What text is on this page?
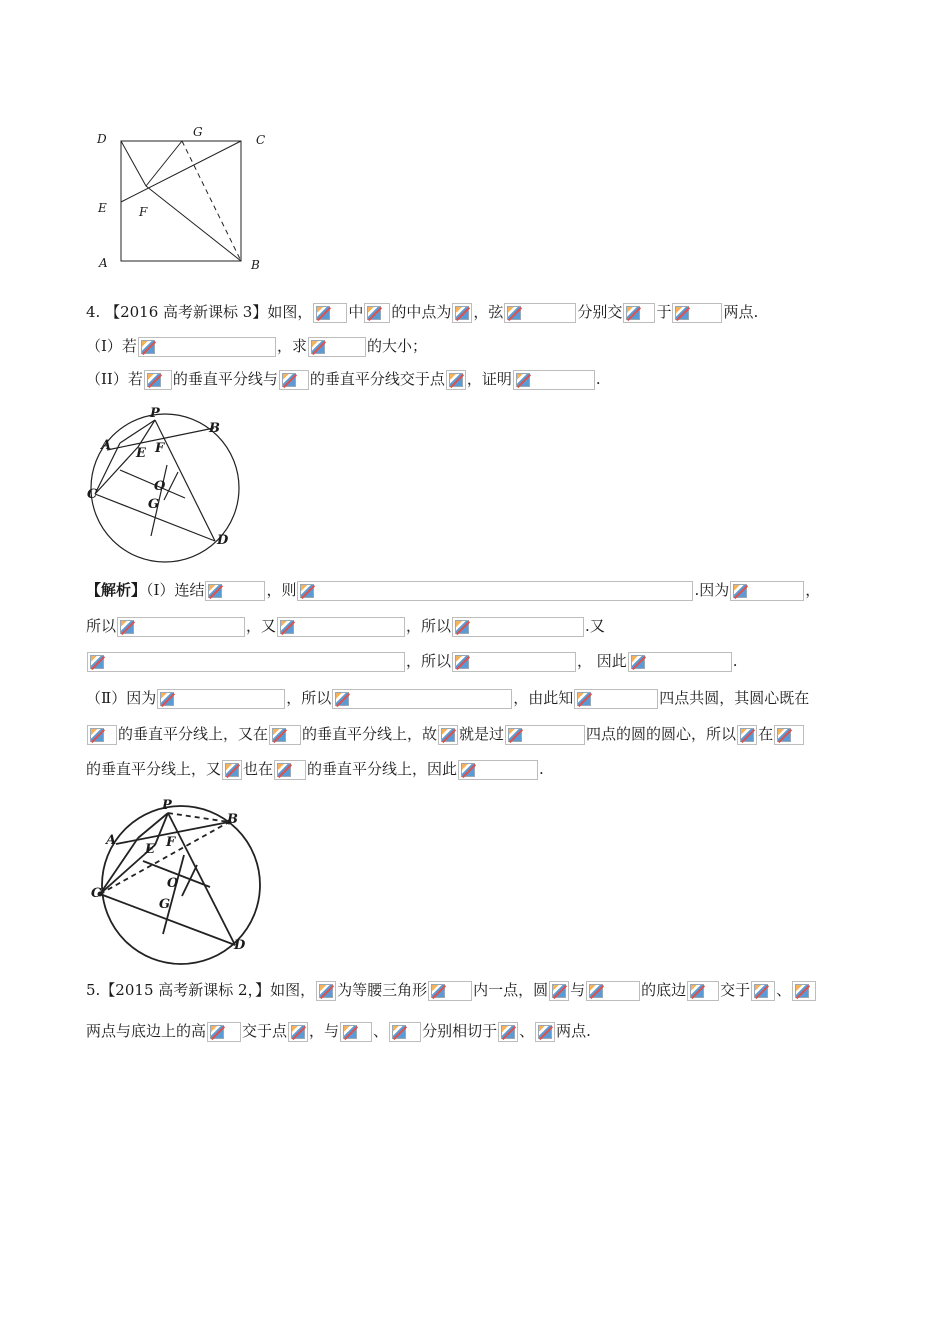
D	G
C
E	F
A	B
4. 【2016 高考新课标 3】如图， 中 的中点为 ，弦	分别交 于	两点.
（I）若	，求	的大小；
（II）若 的垂直平分线与 的垂直平分线交于点 ，证明	.
P
B
A
E F
C
O
G
D
【解析】（Ⅰ）连结	，则	.因为	，
所以	，又	，所以	.又
，所以	， 因此	.
（Ⅱ）因为	，所以	，由此知	四点共圆，其圆心既在
的垂直平分线上，又在 的垂直平分线上，故 就是过	四点的圆的圆心，所以 在
的垂直平分线上，又 也在 的垂直平分线上，因此	.
P
B
A
E F
C
O
G
D
5.【2015 高考新课标 2，】如图， 为等腰三角形	内一点，圆 与	的底边 交于 、
两点与底边上的高 交于点 ，与 、 分别相切于 、 两点.
